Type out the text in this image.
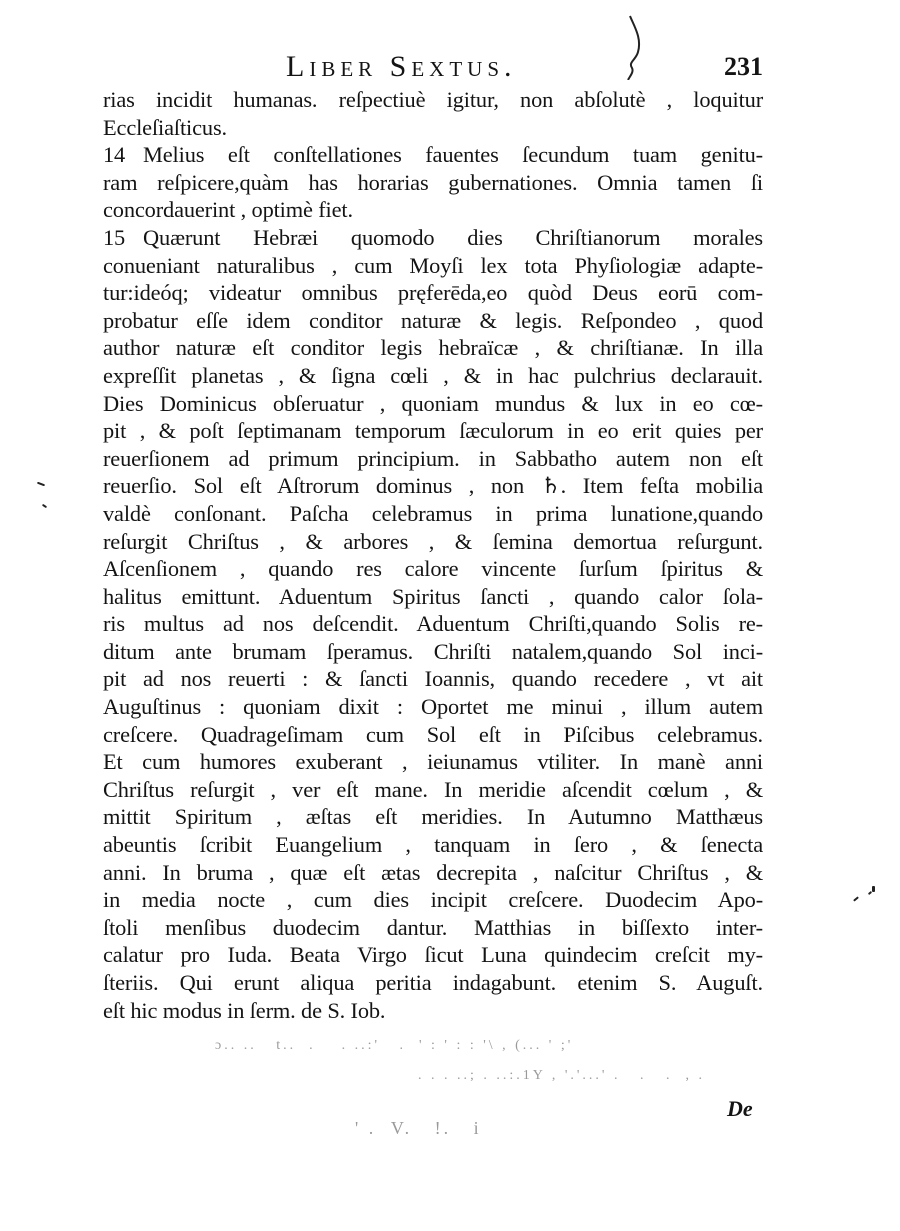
Liber Sextus.	231
rias incidit humanas. reſpectiuè igitur, non abſolutè , loquitur
Eccleſiaſticus.
14 Melius eſt conſtellationes fauentes ſecundum tuam genitu-
ram reſpicere,quàm has horarias gubernationes. Omnia tamen ſi
concordauerint , optimè fiet.
15 Quærunt Hebræi quomodo dies Chriſtianorum morales
conueniant naturalibus , cum Moyſi lex tota Phyſiologiæ adapte-
tur:ideóq; videatur omnibus pręferēda,eo quòd Deus eorū com-
probatur eſſe idem conditor naturæ & legis. Reſpondeo , quod
author naturæ eſt conditor legis hebraïcæ , & chriſtianæ. In illa
expreſſit planetas , & ſigna cœli , & in hac pulchrius declarauit.
Dies Dominicus obſeruatur , quoniam mundus & lux in eo cœ-
pit , & poſt ſeptimanam temporum ſæculorum in eo erit quies per
reuerſionem ad primum principium. in Sabbatho autem non eſt
reuerſio. Sol eſt Aſtrorum dominus , non ♄. Item feſta mobilia
valdè conſonant. Paſcha celebramus in prima lunatione,quando
reſurgit Chriſtus , & arbores , & ſemina demortua reſurgunt.
Aſcenſionem , quando res calore vincente ſurſum ſpiritus &
halitus emittunt. Aduentum Spiritus ſancti , quando calor ſola-
ris multus ad nos deſcendit. Aduentum Chriſti,quando Solis re-
ditum ante brumam ſperamus. Chriſti natalem,quando Sol inci-
pit ad nos reuerti : & ſancti Ioannis, quando recedere , vt ait
Auguſtinus : quoniam dixit : Oportet me minui , illum autem
creſcere. Quadrageſimam cum Sol eſt in Piſcibus celebramus.
Et cum humores exuberant , ieiunamus vtiliter. In manè anni
Chriſtus reſurgit , ver eſt mane. In meridie aſcendit cœlum , &
mittit Spiritum , æſtas eſt meridies. In Autumno Matthæus
abeuntis ſcribit Euangelium , tanquam in ſero , & ſenecta
anni. In bruma , quæ eſt ætas decrepita , naſcitur Chriſtus , &
in media nocte , cum dies incipit creſcere. Duodecim Apo-
ſtoli menſibus duodecim dantur. Matthias in biſſexto inter-
calatur pro Iuda. Beata Virgo ſicut Luna quindecim creſcit my-
ſteriis. Qui erunt aliqua peritia indagabunt. etenim S. Auguſt.
eſt hic modus in ſerm. de S. Iob.
ɔ.. ..   t..  .    . ..:'   .  ' : ' : : '\ , (... ' ;'
. . . ..; . ..:.1Y , '.'...' .   .   .  , .
' .  V.   !.   i
De
